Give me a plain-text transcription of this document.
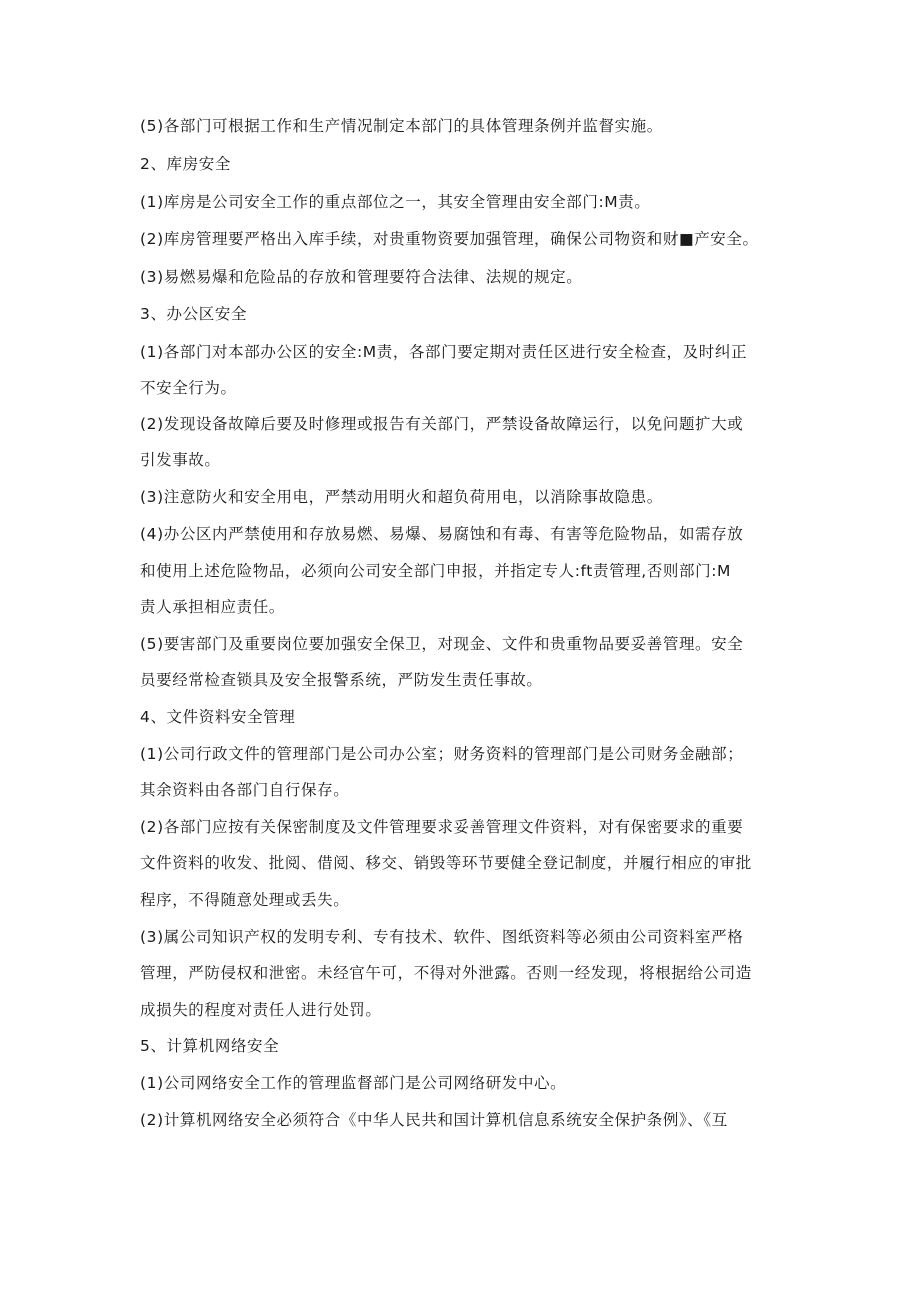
(5)各部门可根据工作和生产情况制定本部门的具体管理条例并监督实施。
2、库房安全
(1)库房是公司安全工作的重点部位之一，其安全管理由安全部门:M责。
(2)库房管理要严格出入库手续，对贵重物资要加强管理，确保公司物资和财■产安全。
(3)易燃易爆和危险品的存放和管理要符合法律、法规的规定。
3、办公区安全
(1)各部门对本部办公区的安全:M责，各部门要定期对责任区进行安全检查，及时纠正
不安全行为。
(2)发现设备故障后要及时修理或报告有关部门，严禁设备故障运行，以免问题扩大或
引发事故。
(3)注意防火和安全用电，严禁动用明火和超负荷用电，以消除事故隐患。
(4)办公区内严禁使用和存放易燃、易爆、易腐蚀和有毒、有害等危险物品，如需存放
和使用上述危险物品，必须向公司安全部门申报，并指定专人:ft责管理,否则部门:M
责人承担相应责任。
(5)要害部门及重要岗位要加强安全保卫，对现金、文件和贵重物品要妥善管理。安全
员要经常检查锁具及安全报警系统，严防发生责任事故。
4、文件资料安全管理
(1)公司行政文件的管理部门是公司办公室；财务资料的管理部门是公司财务金融部；
其余资料由各部门自行保存。
(2)各部门应按有关保密制度及文件管理要求妥善管理文件资料，对有保密要求的重要
文件资料的收发、批阅、借阅、移交、销毁等环节要健全登记制度，并履行相应的审批
程序，不得随意处理或丢失。
(3)属公司知识产权的发明专利、专有技术、软件、图纸资料等必须由公司资料室严格
管理，严防侵权和泄密。未经官午可，不得对外泄露。否则一经发现，将根据给公司造
成损失的程度对责任人进行处罚。
5、计算机网络安全
(1)公司网络安全工作的管理监督部门是公司网络研发中心。
(2)计算机网络安全必须符合《中华人民共和国计算机信息系统安全保护条例》、《互
